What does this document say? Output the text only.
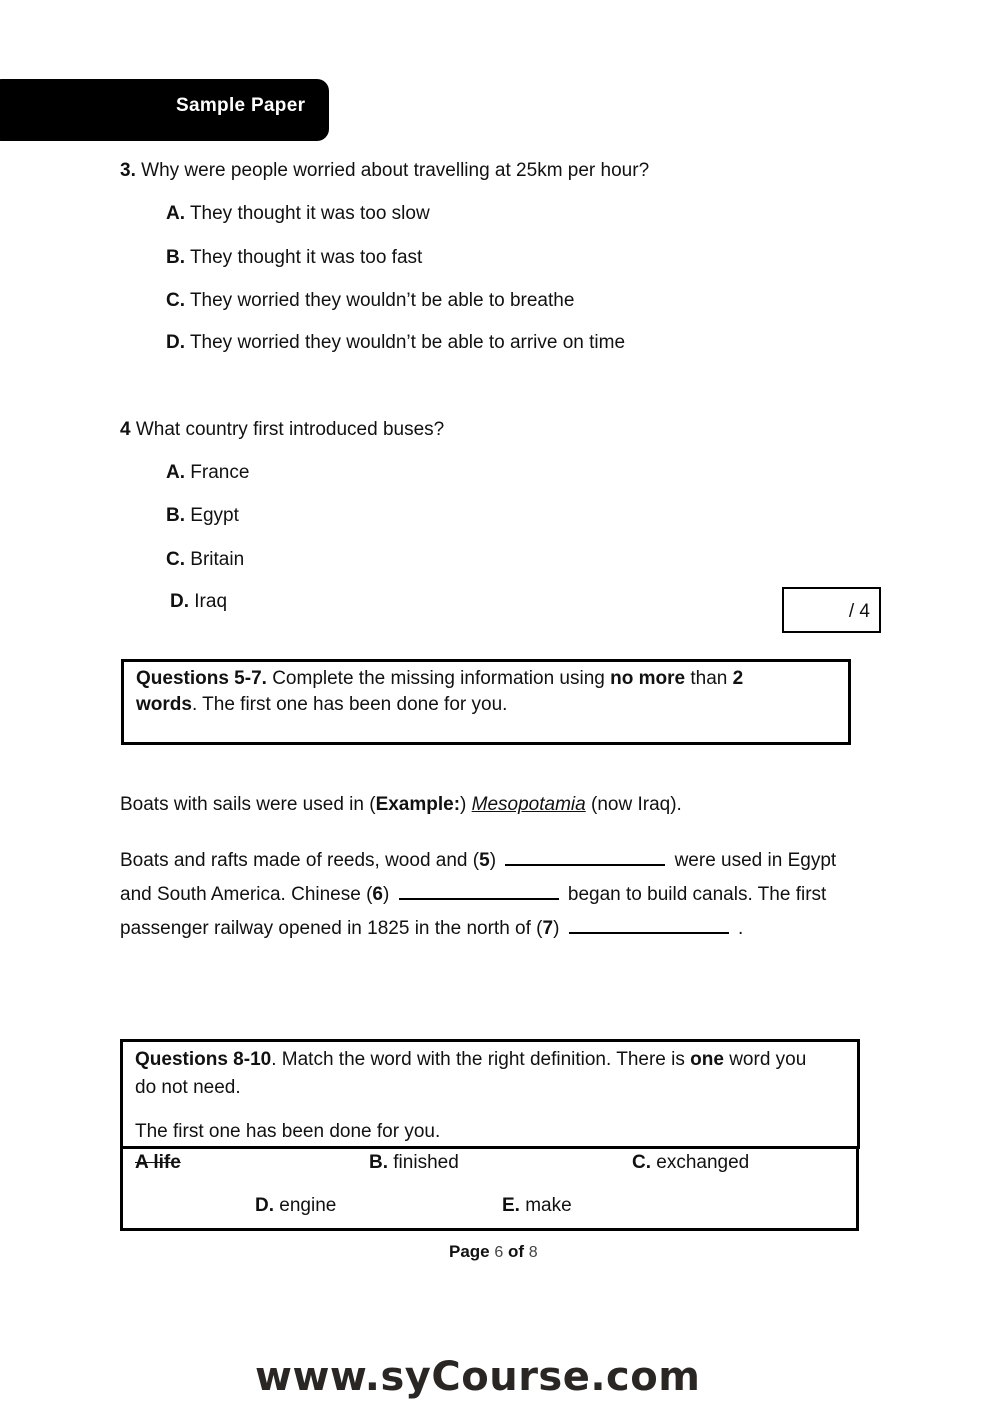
Sample Paper
3. Why were people worried about travelling at 25km per hour?
A. They thought it was too slow
B. They thought it was too fast
C. They worried they wouldn’t be able to breathe
D. They worried they wouldn’t be able to arrive on time
4 What country first introduced buses?
A. France
B. Egypt
C. Britain
D. Iraq	/ 4
Questions 5-7. Complete the missing information using no more than 2
words. The first one has been done for you.
Boats with sails were used in (Example:) Mesopotamia (now Iraq).
Boats and rafts made of reeds, wood and (5)	were used in Egypt
and South America. Chinese (6)	began to build canals. The first
passenger railway opened in 1825 in the north of (7)	.
Questions 8-10. Match the word with the right definition. There is one word you
do not need.
The first one has been done for you.
A life	B. finished	C. exchanged
D. engine	E. make
Page 6 of 8
www.syCourse.com
